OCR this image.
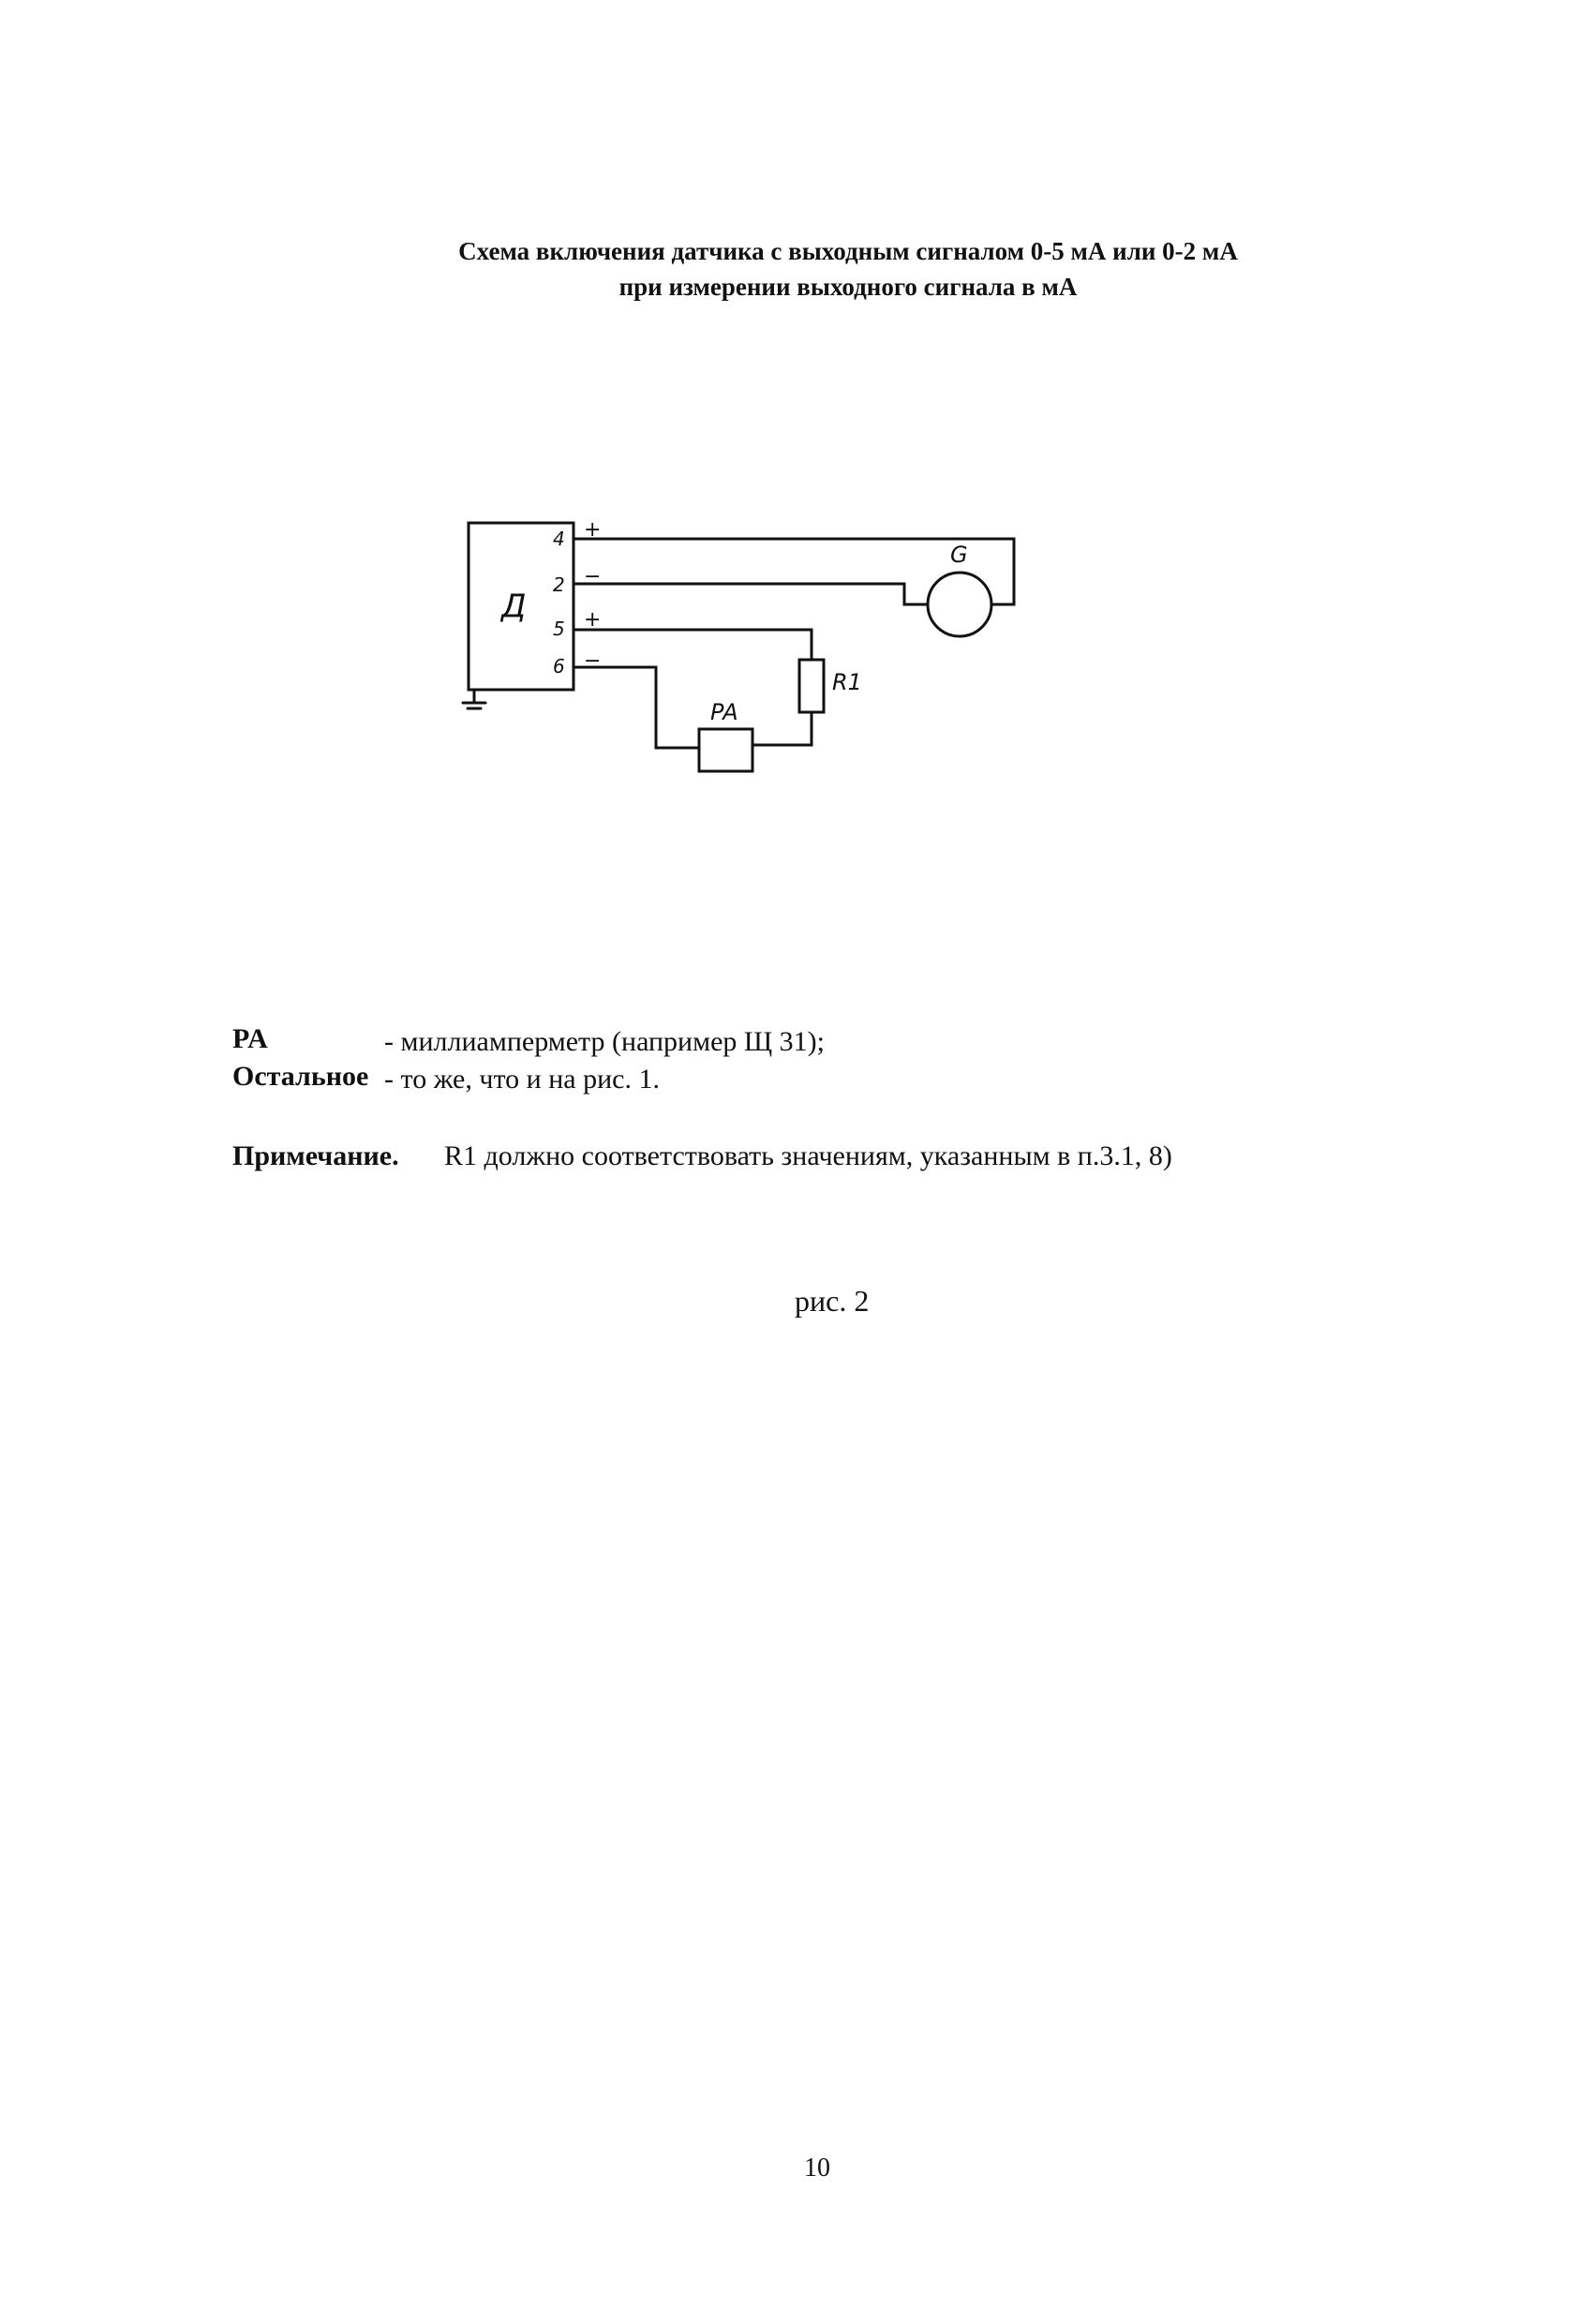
Схема включения датчика с выходным сигналом 0-5 мА или 0-2 мА
при измерении выходного сигнала в мА
Д
4
2
5
6
+
−
+
−
G
R1
PA
PA	- миллиамперметр (например Щ 31);
Остальное - то же, что и на рис. 1.
Примечание. R1 должно соответствовать значениям, указанным в п.3.1, 8)
рис. 2
10
